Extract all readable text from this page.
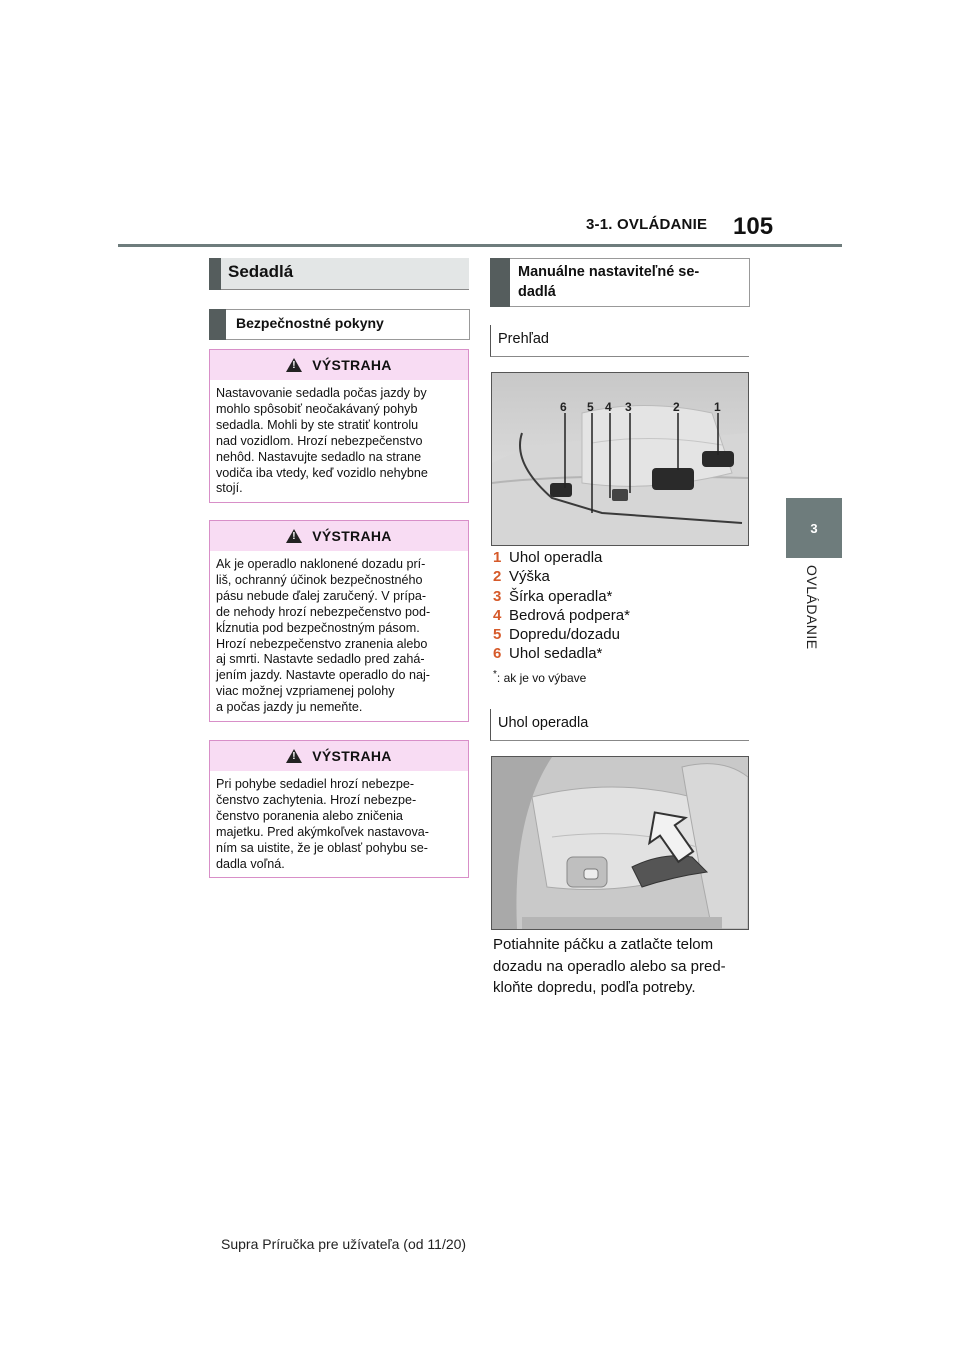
3-1. OVLÁDANIE 105
3
OVLÁDANIE
Sedadlá
Bezpečnostné pokyny
!
VÝSTRAHA
Nastavovanie sedadla počas jazdy by
mohlo spôsobiť neočakávaný pohyb
sedadla. Mohli by ste stratiť kontrolu
nad vozidlom. Hrozí nebezpečenstvo
nehôd. Nastavujte sedadlo na strane
vodiča iba vtedy, keď vozidlo nehybne
stojí.
!
VÝSTRAHA
Ak je operadlo naklonené dozadu prí-
liš, ochranný účinok bezpečnostného
pásu nebude ďalej zaručený. V prípa-
de nehody hrozí nebezpečenstvo pod-
kĺznutia pod bezpečnostným pásom.
Hrozí nebezpečenstvo zranenia alebo
aj smrti. Nastavte sedadlo pred zahá-
jením jazdy. Nastavte operadlo do naj-
viac možnej vzpriamenej polohy
a počas jazdy ju nemeňte.
!
VÝSTRAHA
Pri pohybe sedadiel hrozí nebezpe-
čenstvo zachytenia. Hrozí nebezpe-
čenstvo poranenia alebo zničenia
majetku. Pred akýmkoľvek nastavova-
ním sa uistite, že je oblasť pohybu se-
dadla voľná.
Manuálne nastaviteľné se-
dadlá
Prehľad
6 5 4 3	2	1
1 Uhol operadla
2 Výška
3 Šírka operadla*
4 Bedrová podpera*
5 Dopredu/dozadu
6 Uhol sedadla*
*: ak je vo výbave
Uhol operadla
Potiahnite páčku a zatlačte telom
dozadu na operadlo alebo sa pred-
kloňte dopredu, podľa potreby.
Supra Príručka pre užívateľa (od 11/20)
